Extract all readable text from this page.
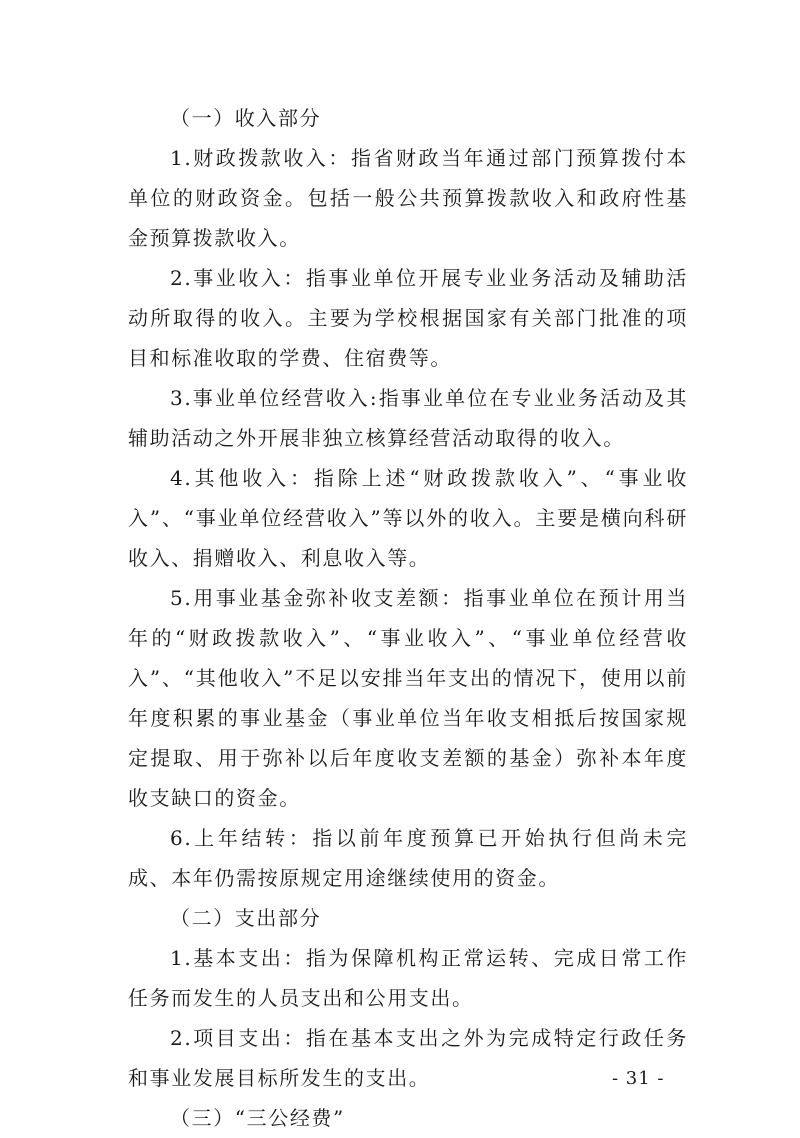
（一）收入部分

1.财政拨款收入：指省财政当年通过部门预算拨付本单位的财政资金。包括一般公共预算拨款收入和政府性基金预算拨款收入。

2.事业收入：指事业单位开展专业业务活动及辅助活动所取得的收入。主要为学校根据国家有关部门批准的项目和标准收取的学费、住宿费等。

3.事业单位经营收入:指事业单位在专业业务活动及其辅助活动之外开展非独立核算经营活动取得的收入。

4.其他收入：指除上述“财政拨款收入”、“事业收入”、“事业单位经营收入”等以外的收入。主要是横向科研收入、捐赠收入、利息收入等。

5.用事业基金弥补收支差额：指事业单位在预计用当年的“财政拨款收入”、“事业收入”、“事业单位经营收入”、“其他收入”不足以安排当年支出的情况下，使用以前年度积累的事业基金（事业单位当年收支相抵后按国家规定提取、用于弥补以后年度收支差额的基金）弥补本年度收支缺口的资金。

6.上年结转：指以前年度预算已开始执行但尚未完成、本年仍需按原规定用途继续使用的资金。

（二）支出部分

1.基本支出：指为保障机构正常运转、完成日常工作任务而发生的人员支出和公用支出。

2.项目支出：指在基本支出之外为完成特定行政任务和事业发展目标所发生的支出。

（三）“三公经费”

- 31 -
